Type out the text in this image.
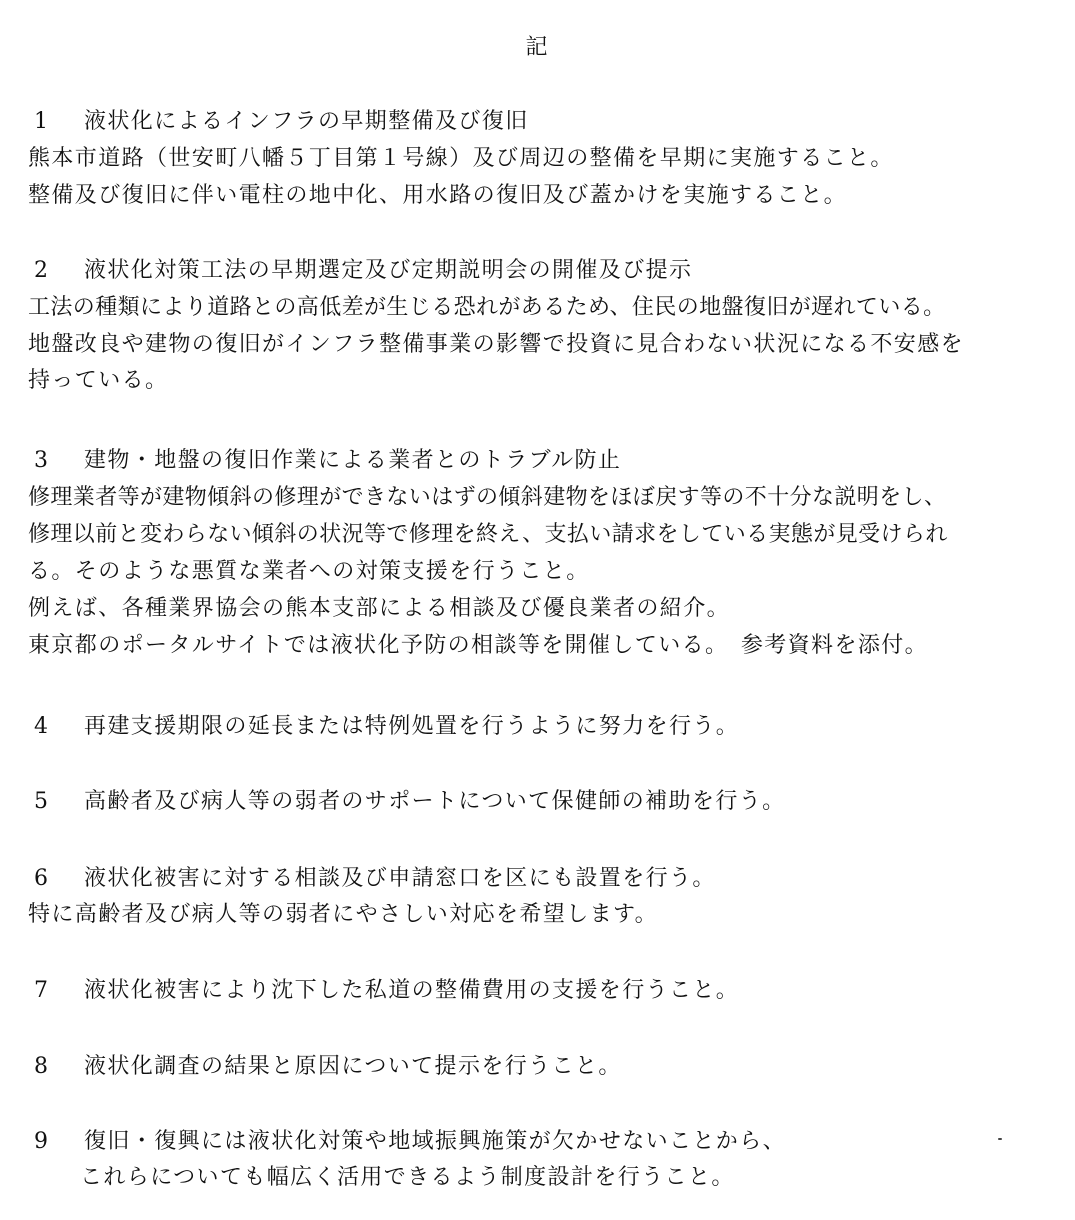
記
1 液状化によるインフラの早期整備及び復旧
熊本市道路（世安町八幡５丁目第１号線）及び周辺の整備を早期に実施すること。
整備及び復旧に伴い電柱の地中化、用水路の復旧及び蓋かけを実施すること。
2 液状化対策工法の早期選定及び定期説明会の開催及び提示
工法の種類により道路との高低差が生じる恐れがあるため、住民の地盤復旧が遅れている。
地盤改良や建物の復旧がインフラ整備事業の影響で投資に見合わない状況になる不安感を
持っている。
3 建物・地盤の復旧作業による業者とのトラブル防止
修理業者等が建物傾斜の修理ができないはずの傾斜建物をほぼ戻す等の不十分な説明をし、
修理以前と変わらない傾斜の状況等で修理を終え、支払い請求をしている実態が見受けられ
る。そのような悪質な業者への対策支援を行うこと。
例えば、各種業界協会の熊本支部による相談及び優良業者の紹介。
東京都のポータルサイトでは液状化予防の相談等を開催している。　参考資料を添付。
4 再建支援期限の延長または特例処置を行うように努力を行う。
5 高齢者及び病人等の弱者のサポートについて保健師の補助を行う。
6 液状化被害に対する相談及び申請窓口を区にも設置を行う。
特に高齢者及び病人等の弱者にやさしい対応を希望します。
7 液状化被害により沈下した私道の整備費用の支援を行うこと。
8 液状化調査の結果と原因について提示を行うこと。
9 復旧・復興には液状化対策や地域振興施策が欠かせないことから、
これらについても幅広く活用できるよう制度設計を行うこと。
